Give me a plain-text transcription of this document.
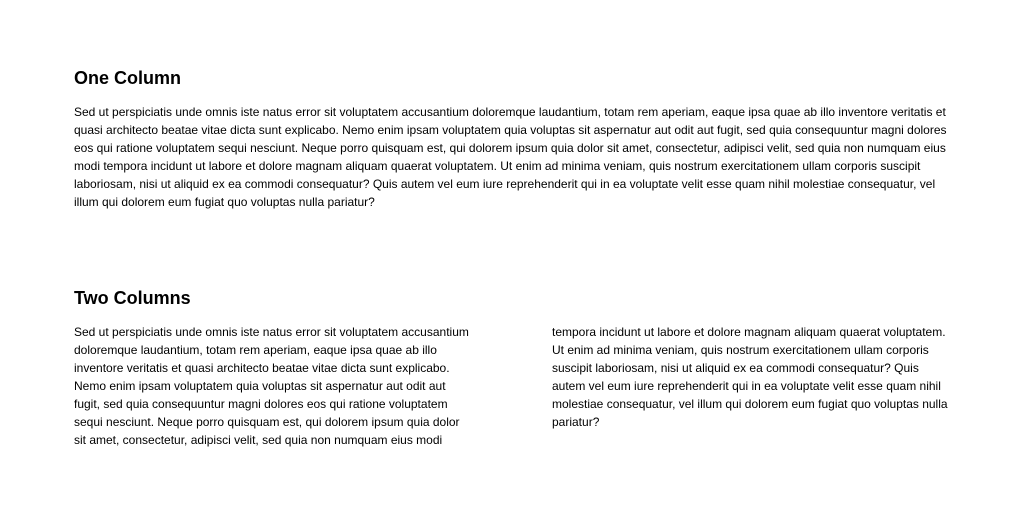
One Column

Sed ut perspiciatis unde omnis iste natus error sit voluptatem accusantium doloremque laudantium, totam rem aperiam, eaque ipsa quae ab illo inventore veritatis et quasi architecto beatae vitae dicta sunt explicabo. Nemo enim ipsam voluptatem quia voluptas sit aspernatur aut odit aut fugit, sed quia consequuntur magni dolores eos qui ratione voluptatem sequi nesciunt. Neque porro quisquam est, qui dolorem ipsum quia dolor sit amet, consectetur, adipisci velit, sed quia non numquam eius modi tempora incidunt ut labore et dolore magnam aliquam quaerat voluptatem. Ut enim ad minima veniam, quis nostrum exercitationem ullam corporis suscipit laboriosam, nisi ut aliquid ex ea commodi consequatur? Quis autem vel eum iure reprehenderit qui in ea voluptate velit esse quam nihil molestiae consequatur, vel illum qui dolorem eum fugiat quo voluptas nulla pariatur?

Two Columns

Sed ut perspiciatis unde omnis iste natus error sit voluptatem accusantium doloremque laudantium, totam rem aperiam, eaque ipsa quae ab illo inventore veritatis et quasi architecto beatae vitae dicta sunt explicabo. Nemo enim ipsam voluptatem quia voluptas sit aspernatur aut odit aut fugit, sed quia consequuntur magni dolores eos qui ratione voluptatem sequi nesciunt. Neque porro quisquam est, qui dolorem ipsum quia dolor sit amet, consectetur, adipisci velit, sed quia non numquam eius modi tempora incidunt ut labore et dolore magnam aliquam quaerat voluptatem. Ut enim ad minima veniam, quis nostrum exercitationem ullam corporis suscipit laboriosam, nisi ut aliquid ex ea commodi consequatur? Quis autem vel eum iure reprehenderit qui in ea voluptate velit esse quam nihil molestiae consequatur, vel illum qui dolorem eum fugiat quo voluptas nulla pariatur?
